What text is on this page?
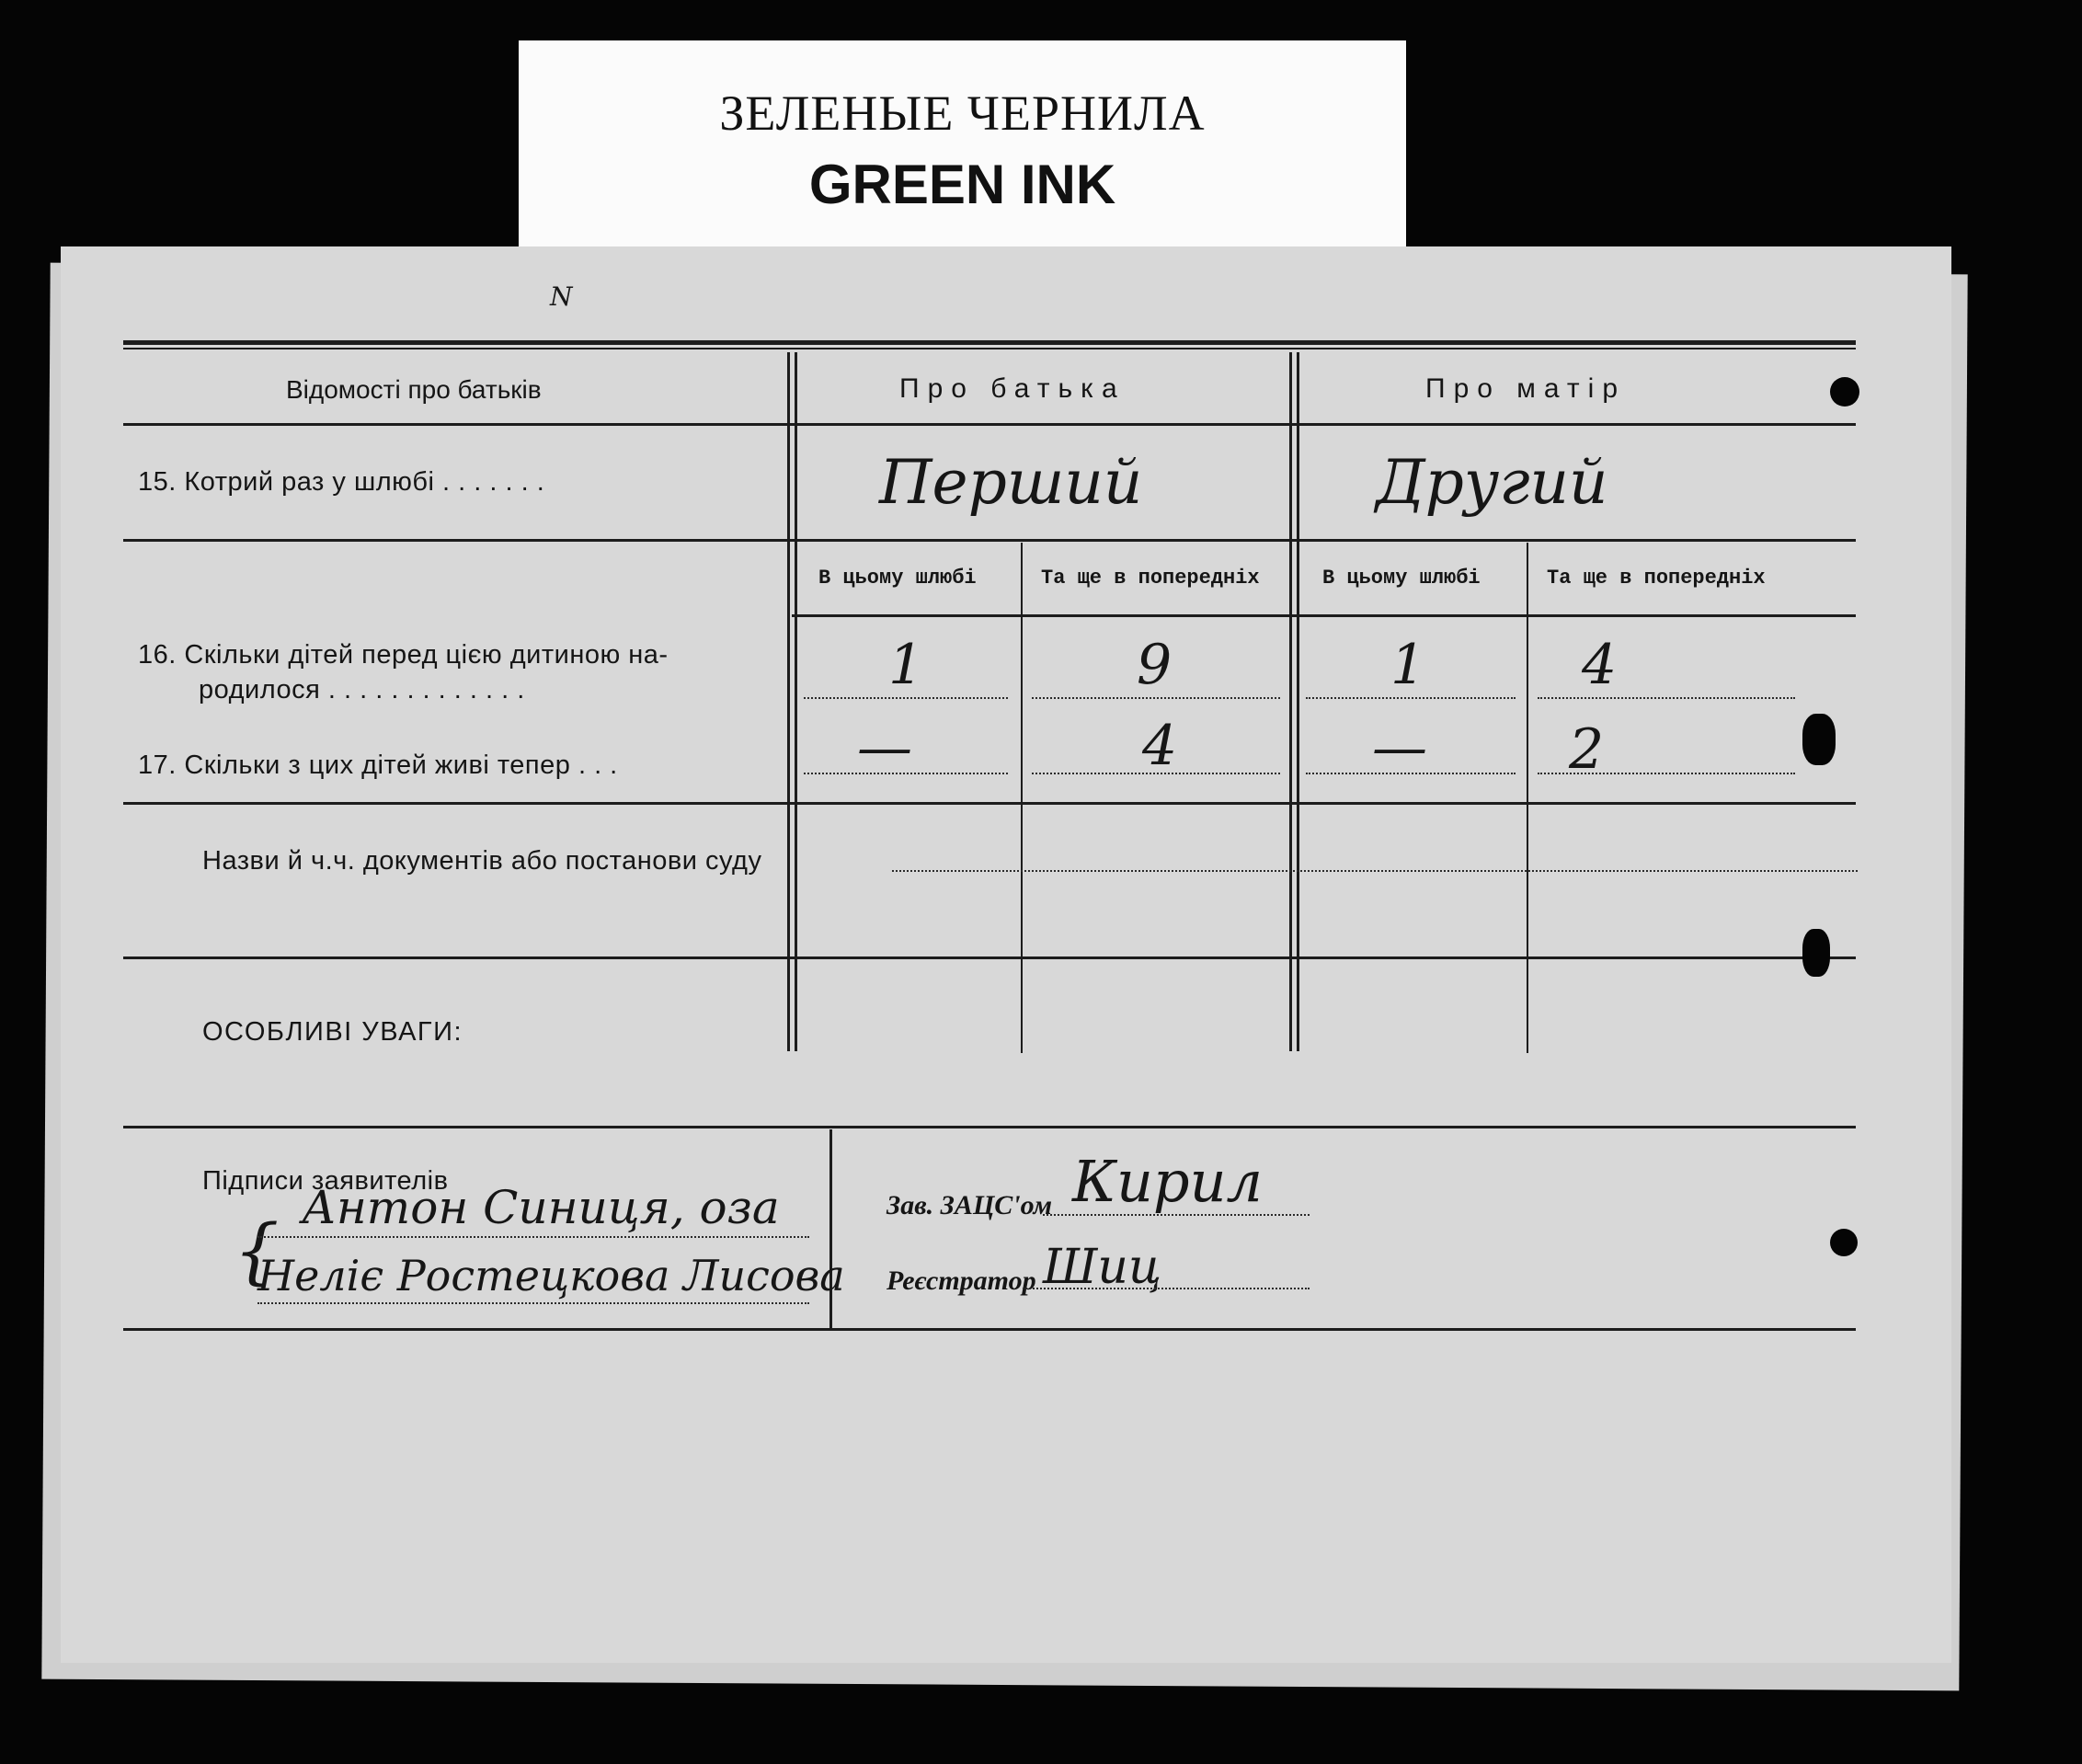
ЗЕЛЕНЫЕ ЧЕРНИЛА
GREEN INK
N
Відомості про батьків	Про батька	Про матір
15. Котрий раз у шлюбі . . . . . . .	Перший	Другий
В цьому шлюбі	Та ще в попередніх	В цьому шлюбі	Та ще в попередніх
16. Скільки дітей перед цією дитиною на-
родилося . . . . . . . . . . . . .	1	9	1	4
17. Скільки з цих дітей живі тепер . . .	—	4	—	2
Назви й ч.ч. документів або постанови суду
ОСОБЛИВІ УВАГИ:
Підписи заявителів
{
Антон Синиця, оза
Неліє Ростецкова Лисова
Зав. ЗАЦС'ом Кирил
Реєстратор Шиц
